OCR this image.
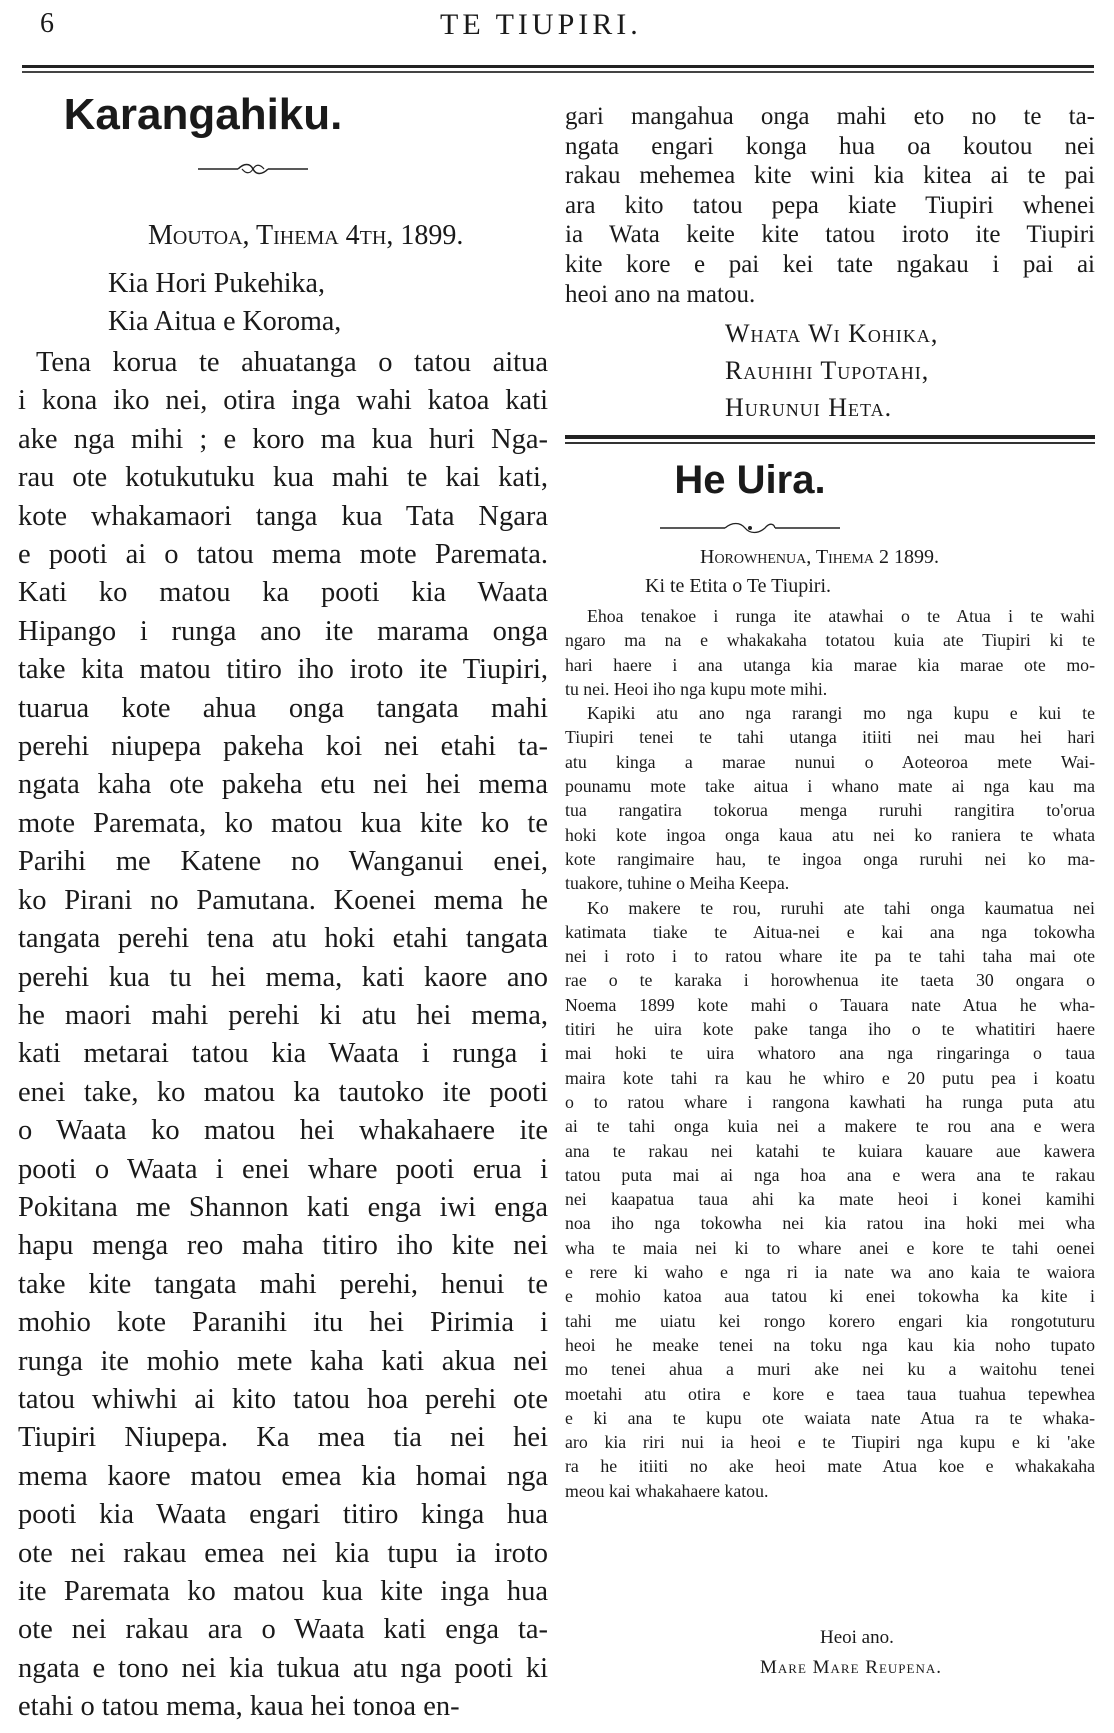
6	TE TIUPIRI.
Karangahiku.
Moutoa, Tihema 4th, 1899.
Kia Hori Pukehika,
Kia Aitua e Koroma,
Tena korua te ahuatanga o tatou aitua
i kona iko nei, otira inga wahi katoa kati
ake nga mihi ; e koro ma kua huri Nga-
rau ote kotukutuku kua mahi te kai kati,
kote whakamaori tanga kua Tata Ngara
e pooti ai o tatou mema mote Paremata.
Kati ko matou ka pooti kia Waata
Hipango i runga ano ite marama onga
take kita matou titiro iho iroto ite Tiupiri,
tuarua kote ahua onga tangata mahi
perehi niupepa pakeha koi nei etahi ta-
ngata kaha ote pakeha etu nei hei mema
mote Paremata, ko matou kua kite ko te
Parihi me Katene no Wanganui enei,
ko Pirani no Pamutana. Koenei mema he
tangata perehi tena atu hoki etahi tangata
perehi kua tu hei mema, kati kaore ano
he maori mahi perehi ki atu hei mema,
kati metarai tatou kia Waata i runga i
enei take, ko matou ka tautoko ite pooti
o Waata ko matou hei whakahaere ite
pooti o Waata i enei whare pooti erua i
Pokitana me Shannon kati enga iwi enga
hapu menga reo maha titiro iho kite nei
take kite tangata mahi perehi, henui te
mohio kote Paranihi itu hei Pirimia i
runga ite mohio mete kaha kati akua nei
tatou whiwhi ai kito tatou hoa perehi ote
Tiupiri Niupepa. Ka mea tia nei hei
mema kaore matou emea kia homai nga
pooti kia Waata engari titiro kinga hua
ote nei rakau emea nei kia tupu ia iroto
ite Paremata ko matou kua kite inga hua
ote nei rakau ara o Waata kati enga ta-
ngata e tono nei kia tukua atu nga pooti ki
etahi o tatou mema, kaua hei tonoa en-
gari mangahua onga mahi eto no te ta-
ngata engari konga hua oa koutou nei
rakau mehemea kite wini kia kitea ai te pai
ara kito tatou pepa kiate Tiupiri whenei
ia Wata keite kite tatou iroto ite Tiupiri
kite kore e pai kei tate ngakau i pai ai
heoi ano na matou.
Whata Wi Kohika,
Rauhihi Tupotahi,
Hurunui Heta.
He Uira.
Horowhenua, Tihema 2 1899.
Ki te Etita o Te Tiupiri.
Ehoa tenakoe i runga ite atawhai o te Atua i te wahi
ngaro ma na e whakakaha totatou kuia ate Tiupiri ki te
hari haere i ana utanga kia marae kia marae ote mo-
tu nei. Heoi iho nga kupu mote mihi.
Kapiki atu ano nga rarangi mo nga kupu e kui te
Tiupiri tenei te tahi utanga itiiti nei mau hei hari
atu kinga a marae nunui o Aoteoroa mete Wai-
pounamu mote take aitua i whano mate ai nga kau ma
tua rangatira tokorua menga ruruhi rangitira to'orua
hoki kote ingoa onga kaua atu nei ko raniera te whata
kote rangimaire hau, te ingoa onga ruruhi nei ko ma-
tuakore, tuhine o Meiha Keepa.
Ko makere te rou, ruruhi ate tahi onga kaumatua nei
katimata tiake te Aitua-nei e kai ana nga tokowha
nei i roto i to ratou whare ite pa te tahi taha mai ote
rae o te karaka i horowhenua ite taeta 30 ongara o
Noema 1899 kote mahi o Tauara nate Atua he wha-
titiri he uira kote pake tanga iho o te whatitiri haere
mai hoki te uira whatoro ana nga ringaringa o taua
maira kote tahi ra kau he whiro e 20 putu pea i koatu
o to ratou whare i rangona kawhati ha runga puta atu
ai te tahi onga kuia nei a makere te rou ana e wera
ana te rakau nei katahi te kuiara kauare aue kawera
tatou puta mai ai nga hoa ana e wera ana te rakau
nei kaapatua taua ahi ka mate heoi i konei kamihi
noa iho nga tokowha nei kia ratou ina hoki mei wha
wha te maia nei ki to whare anei e kore te tahi oenei
e rere ki waho e nga ri ia nate wa ano kaia te waiora
e mohio katoa aua tatou ki enei tokowha ka kite i
tahi me uiatu kei rongo korero engari kia rongotuturu
heoi he meake tenei na toku nga kau kia noho tupato
mo tenei ahua a muri ake nei ku a waitohu tenei
moetahi atu otira e kore e taea taua tuahua tepewhea
e ki ana te kupu ote waiata nate Atua ra te whaka-
aro kia riri nui ia heoi e te Tiupiri nga kupu e ki 'ake
ra he itiiti no ake heoi mate Atua koe e whakakaha
meou kai whakahaere katou.
Heoi ano.
Mare Mare Reupena.
